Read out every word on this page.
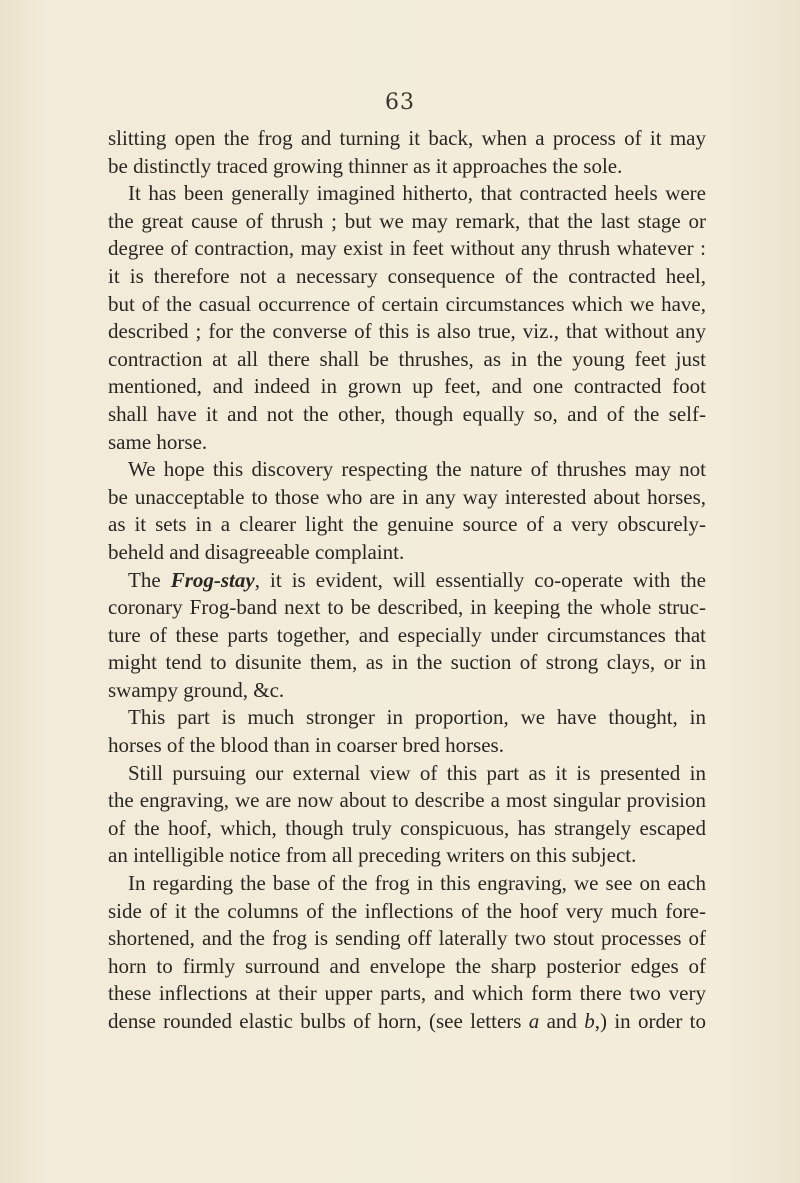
63
slitting open the frog and turning it back, when a process of it may
be distinctly traced growing thinner as it approaches the sole.
It has been generally imagined hitherto, that contracted heels were
the great cause of thrush ; but we may remark, that the last stage or
degree of contraction, may exist in feet without any thrush whatever :
it is therefore not a necessary consequence of the contracted heel,
but of the casual occurrence of certain circumstances which we have,
described ; for the converse of this is also true, viz., that without any
contraction at all there shall be thrushes, as in the young feet just
mentioned, and indeed in grown up feet, and one contracted foot
shall have it and not the other, though equally so, and of the self-
same horse.
We hope this discovery respecting the nature of thrushes may not
be unacceptable to those who are in any way interested about horses,
as it sets in a clearer light the genuine source of a very obscurely-
beheld and disagreeable complaint.
The Frog-stay, it is evident, will essentially co-operate with the
coronary Frog-band next to be described, in keeping the whole struc-
ture of these parts together, and especially under circumstances that
might tend to disunite them, as in the suction of strong clays, or in
swampy ground, &c.
This part is much stronger in proportion, we have thought, in
horses of the blood than in coarser bred horses.
Still pursuing our external view of this part as it is presented in
the engraving, we are now about to describe a most singular provision
of the hoof, which, though truly conspicuous, has strangely escaped
an intelligible notice from all preceding writers on this subject.
In regarding the base of the frog in this engraving, we see on each
side of it the columns of the inflections of the hoof very much fore-
shortened, and the frog is sending off laterally two stout processes of
horn to firmly surround and envelope the sharp posterior edges of
these inflections at their upper parts, and which form there two very
dense rounded elastic bulbs of horn, (see letters a and b,) in order to
